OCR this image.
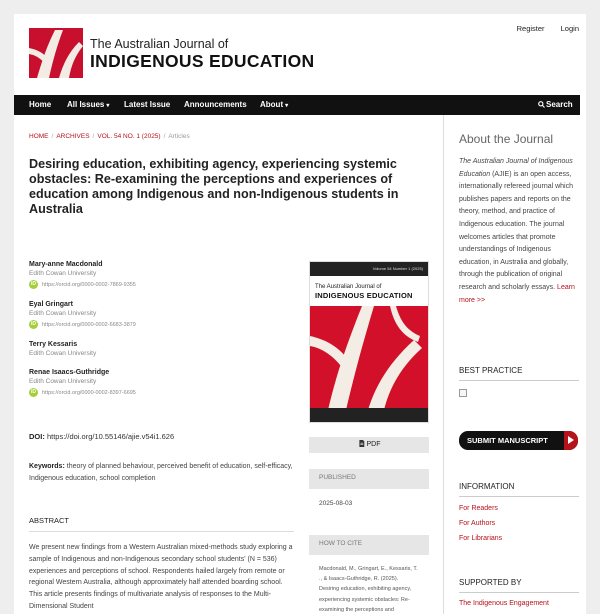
The Australian Journal of
INDIGENOUS EDUCATION
Register Login
Home All Issues ▾ Latest Issue Announcements About ▾	Search
HOME / ARCHIVES / VOL. 54 NO. 1 (2025) / Articles
Desiring education, exhibiting agency, experiencing systemic obstacles: Re-examining the perceptions and experiences of education among Indigenous and non-Indigenous students in Australia
Mary-anne Macdonald
Edith Cowan University
iD	https://orcid.org/0000-0002-7869-9355
Eyal Gringart
Edith Cowan University
iD	https://orcid.org/0000-0002-6683-3879
Terry Kessaris
Edith Cowan University
Renae Isaacs-Guthridge
Edith Cowan University
iD	https://orcid.org/0000-0002-8397-6695
DOI: https://doi.org/10.55146/ajie.v54i1.626
Keywords: theory of planned behaviour, perceived benefit of education, self-efficacy, Indigenous education, school completion
ABSTRACT
We present new findings from a Western Australian mixed-methods study exploring a sample of Indigenous and non-Indigenous secondary school students' (N = 536) experiences and perceptions of school. Respondents hailed largely from remote or regional Western Australia, although approximately half attended boarding school. This article presents findings of multivariate analysis of responses to the Multi-Dimensional Student
Volume 54 Number 1 (2025)
The Australian Journal of
INDIGENOUS EDUCATION
PDF
PUBLISHED
2025-08-03
HOW TO CITE
Macdonald, M., Gringart, E., Kessaris, T. ., & Isaacs-Guthridge, R. (2025). Desiring education, exhibiting agency, experiencing systemic obstacles: Re-examining the perceptions and
About the Journal
The Australian Journal of Indigenous Education (AJIE) is an open access, internationally refereed journal which publishes papers and reports on the theory, method, and practice of Indigenous education. The journal welcomes articles that promote understandings of Indigenous education, in Australia and globally, through the publication of original research and scholarly essays. Learn more >>
BEST PRACTICE
SUBMIT MANUSCRIPT
INFORMATION
For Readers
For Authors
For Librarians
SUPPORTED BY
The Indigenous Engagement
